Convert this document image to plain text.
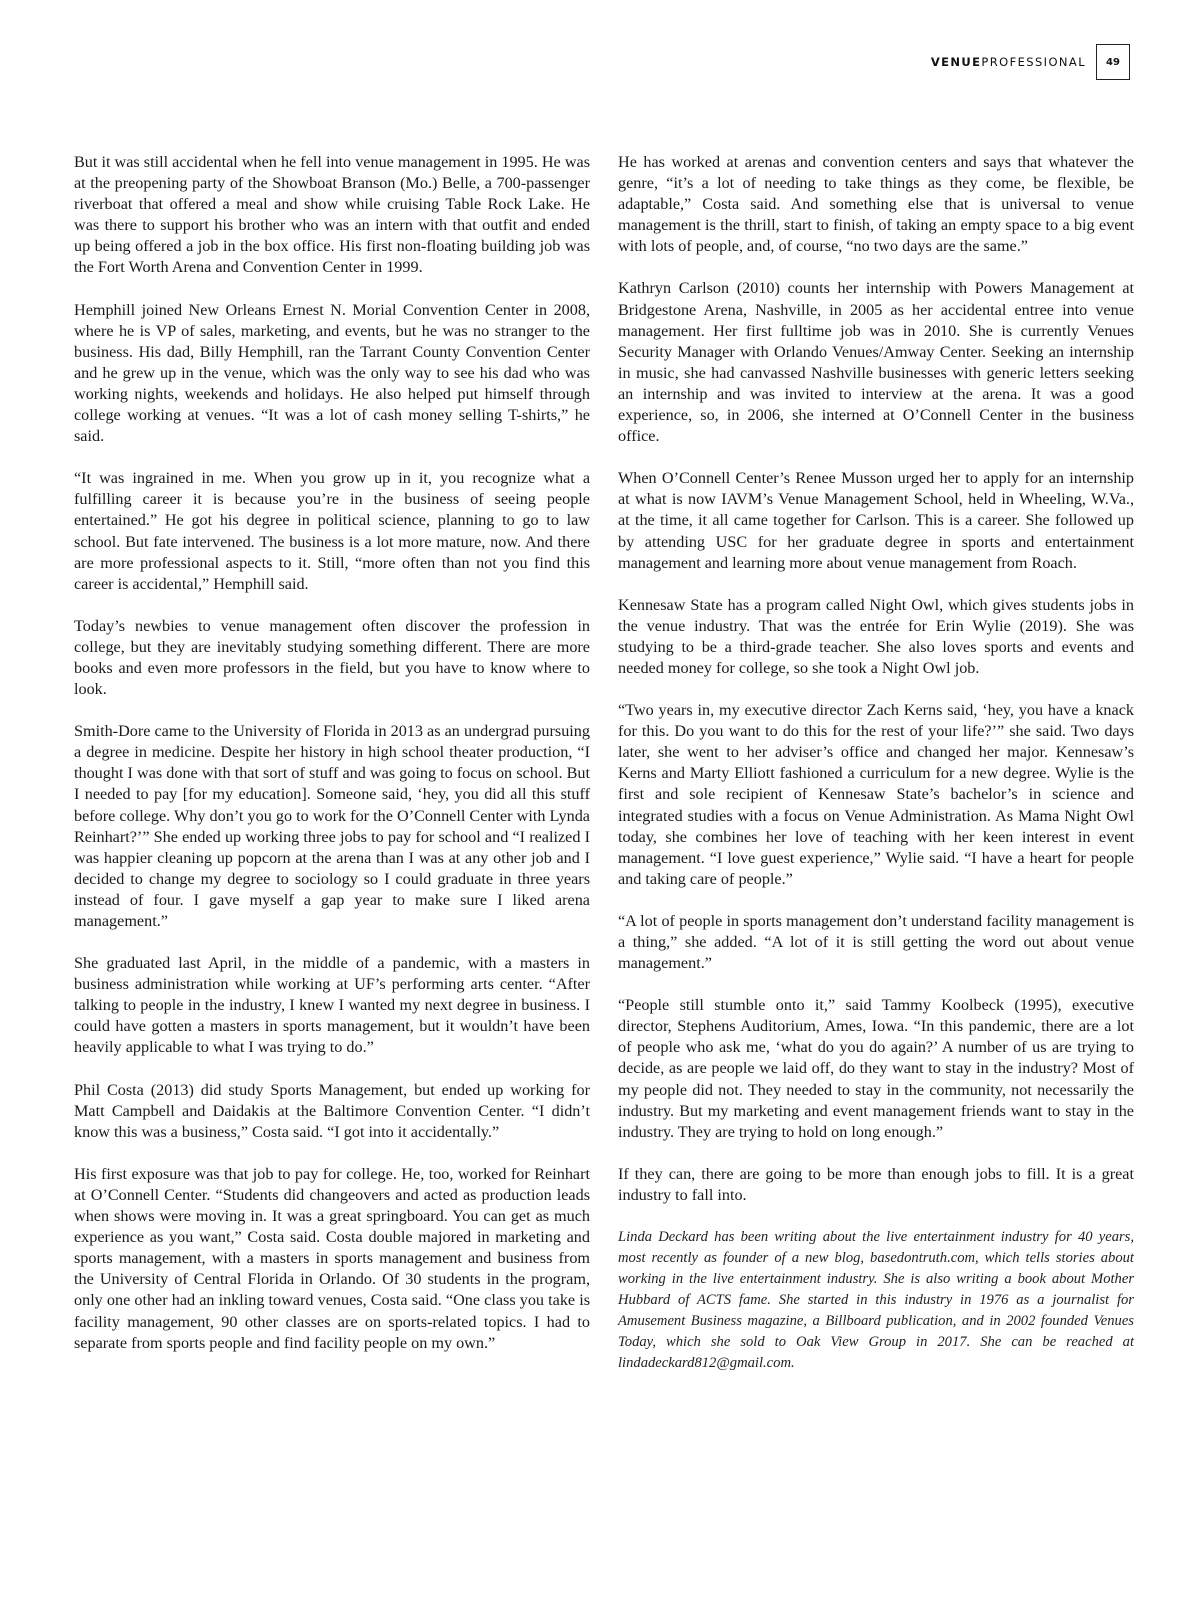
VENUEPROFESSIONAL 49

But it was still accidental when he fell into venue management in 1995. He was at the preopening party of the Showboat Branson (Mo.) Belle, a 700-passenger riverboat that offered a meal and show while cruising Table Rock Lake. He was there to support his brother who was an intern with that outfit and ended up being offered a job in the box office. His first non-floating building job was the Fort Worth Arena and Convention Center in 1999.

Hemphill joined New Orleans Ernest N. Morial Convention Center in 2008, where he is VP of sales, marketing, and events, but he was no stranger to the business. His dad, Billy Hemphill, ran the Tarrant County Convention Center and he grew up in the venue, which was the only way to see his dad who was working nights, weekends and holidays. He also helped put himself through college working at venues. “It was a lot of cash money selling T-shirts,” he said.

“It was ingrained in me. When you grow up in it, you recognize what a fulfilling career it is because you’re in the business of seeing people entertained.” He got his degree in political science, planning to go to law school. But fate intervened. The business is a lot more mature, now. And there are more professional aspects to it. Still, “more often than not you find this career is accidental,” Hemphill said.

Today’s newbies to venue management often discover the profession in college, but they are inevitably studying something different. There are more books and even more professors in the field, but you have to know where to look.

Smith-Dore came to the University of Florida in 2013 as an undergrad pursuing a degree in medicine. Despite her history in high school theater production, “I thought I was done with that sort of stuff and was going to focus on school. But I needed to pay [for my education]. Someone said, ‘hey, you did all this stuff before college. Why don’t you go to work for the O’Connell Center with Lynda Reinhart?’” She ended up working three jobs to pay for school and “I realized I was happier cleaning up popcorn at the arena than I was at any other job and I decided to change my degree to sociology so I could graduate in three years instead of four. I gave myself a gap year to make sure I liked arena management.”

She graduated last April, in the middle of a pandemic, with a masters in business administration while working at UF’s performing arts center. “After talking to people in the industry, I knew I wanted my next degree in business. I could have gotten a masters in sports management, but it wouldn’t have been heavily applicable to what I was trying to do.”

Phil Costa (2013) did study Sports Management, but ended up working for Matt Campbell and Daidakis at the Baltimore Convention Center. “I didn’t know this was a business,” Costa said. “I got into it accidentally.”

His first exposure was that job to pay for college. He, too, worked for Reinhart at O’Connell Center. “Students did changeovers and acted as production leads when shows were moving in. It was a great springboard. You can get as much experience as you want,” Costa said. Costa double majored in marketing and sports management, with a masters in sports management and business from the University of Central Florida in Orlando. Of 30 students in the program, only one other had an inkling toward venues, Costa said. “One class you take is facility management, 90 other classes are on sports-related topics. I had to separate from sports people and find facility people on my own.”

He has worked at arenas and convention centers and says that whatever the genre, “it’s a lot of needing to take things as they come, be flexible, be adaptable,” Costa said. And something else that is universal to venue management is the thrill, start to finish, of taking an empty space to a big event with lots of people, and, of course, “no two days are the same.”

Kathryn Carlson (2010) counts her internship with Powers Management at Bridgestone Arena, Nashville, in 2005 as her accidental entree into venue management. Her first fulltime job was in 2010. She is currently Venues Security Manager with Orlando Venues/Amway Center. Seeking an internship in music, she had canvassed Nashville businesses with generic letters seeking an internship and was invited to interview at the arena. It was a good experience, so, in 2006, she interned at O’Connell Center in the business office.

When O’Connell Center’s Renee Musson urged her to apply for an internship at what is now IAVM’s Venue Management School, held in Wheeling, W.Va., at the time, it all came together for Carlson. This is a career. She followed up by attending USC for her graduate degree in sports and entertainment management and learning more about venue management from Roach.

Kennesaw State has a program called Night Owl, which gives students jobs in the venue industry. That was the entrée for Erin Wylie (2019). She was studying to be a third-grade teacher. She also loves sports and events and needed money for college, so she took a Night Owl job.

“Two years in, my executive director Zach Kerns said, ‘hey, you have a knack for this. Do you want to do this for the rest of your life?’” she said. Two days later, she went to her adviser’s office and changed her major. Kennesaw’s Kerns and Marty Elliott fashioned a curriculum for a new degree. Wylie is the first and sole recipient of Kennesaw State’s bachelor’s in science and integrated studies with a focus on Venue Administration. As Mama Night Owl today, she combines her love of teaching with her keen interest in event management. “I love guest experience,” Wylie said. “I have a heart for people and taking care of people.”

“A lot of people in sports management don’t understand facility management is a thing,” she added. “A lot of it is still getting the word out about venue management.”

“People still stumble onto it,” said Tammy Koolbeck (1995), executive director, Stephens Auditorium, Ames, Iowa. “In this pandemic, there are a lot of people who ask me, ‘what do you do again?’ A number of us are trying to decide, as are people we laid off, do they want to stay in the industry? Most of my people did not. They needed to stay in the community, not necessarily the industry. But my marketing and event management friends want to stay in the industry. They are trying to hold on long enough.”

If they can, there are going to be more than enough jobs to fill. It is a great industry to fall into.

Linda Deckard has been writing about the live entertainment industry for 40 years, most recently as founder of a new blog, basedontruth.com, which tells stories about working in the live entertainment industry. She is also writing a book about Mother Hubbard of ACTS fame. She started in this industry in 1976 as a journalist for Amusement Business magazine, a Billboard publication, and in 2002 founded Venues Today, which she sold to Oak View Group in 2017. She can be reached at lindadeckard812@gmail.com.
